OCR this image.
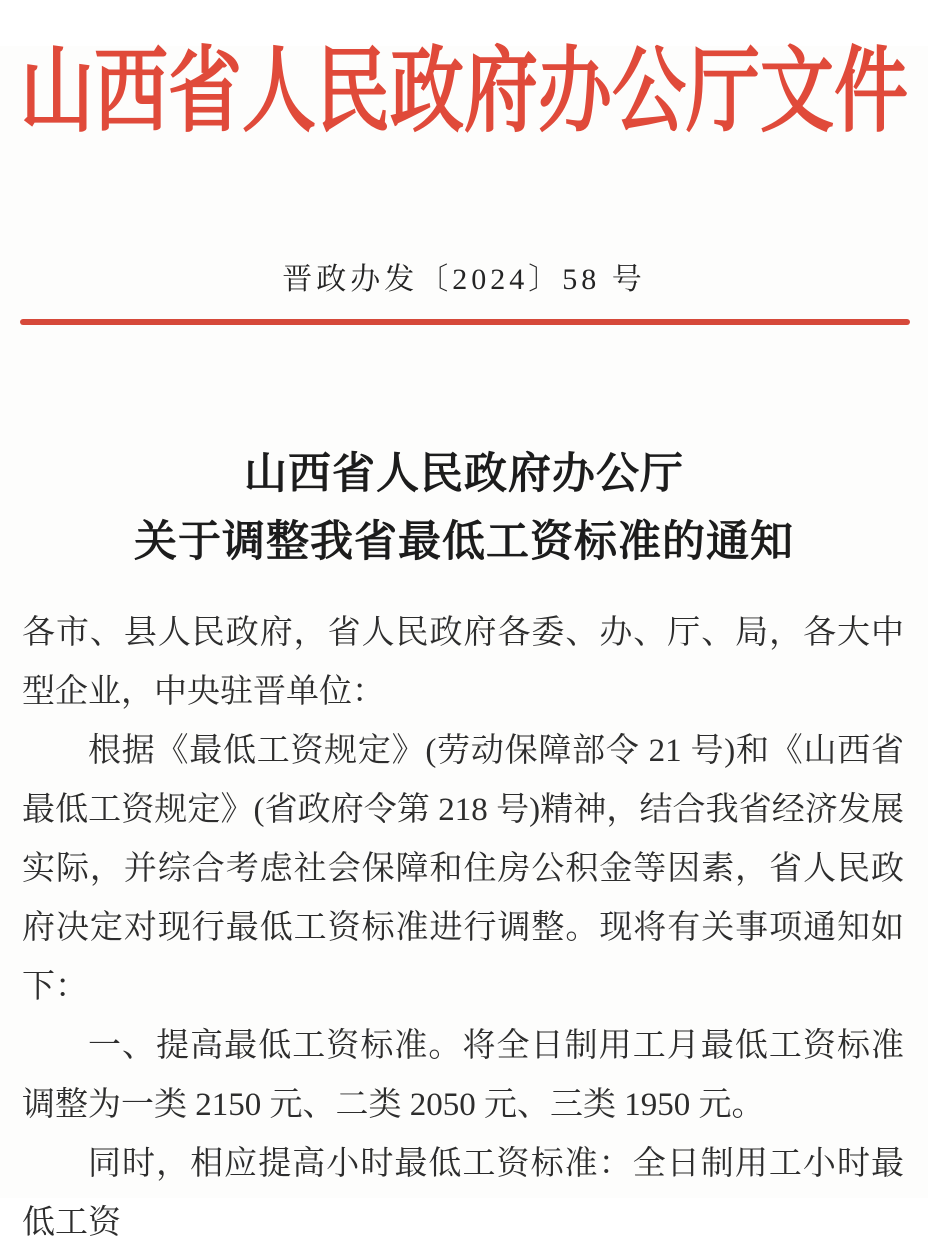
山西省人民政府办公厅文件
晋政办发〔2024〕58 号
山西省人民政府办公厅
关于调整我省最低工资标准的通知

各市、县人民政府，省人民政府各委、办、厅、局，各大中型企业，中央驻晋单位：

根据《最低工资规定》(劳动保障部令 21 号)和《山西省最低工资规定》(省政府令第 218 号)精神，结合我省经济发展实际，并综合考虑社会保障和住房公积金等因素，省人民政府决定对现行最低工资标准进行调整。现将有关事项通知如下：

一、提高最低工资标准。将全日制用工月最低工资标准调整为一类 2150 元、二类 2050 元、三类 1950 元。

同时，相应提高小时最低工资标准：全日制用工小时最低工资
